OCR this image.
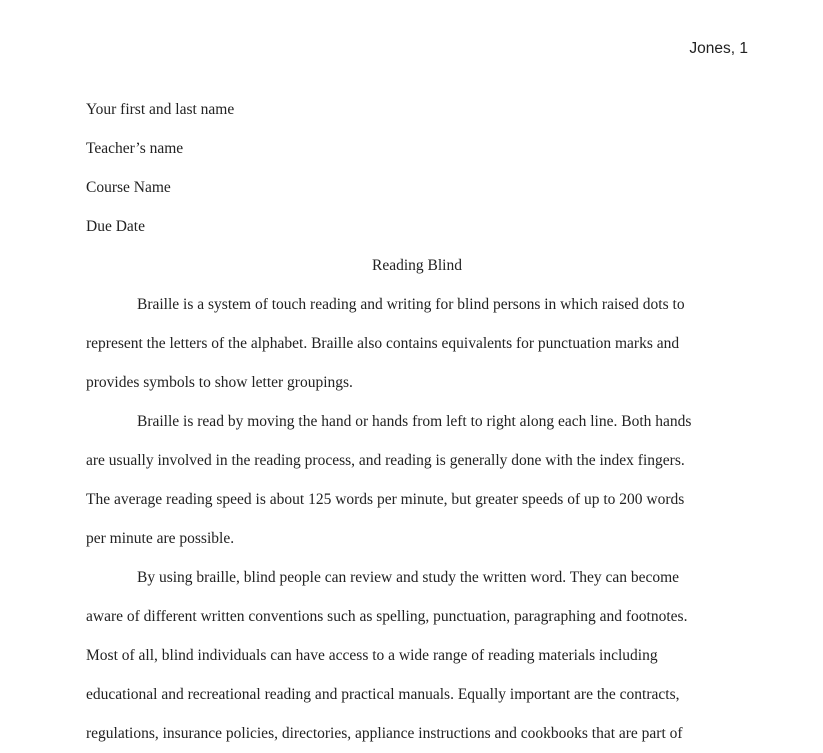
Jones, 1

Your first and last name

Teacher’s name

Course Name

Due Date

Reading Blind

Braille is a system of touch reading and writing for blind persons in which raised dots to
represent the letters of the alphabet. Braille also contains equivalents for punctuation marks and
provides symbols to show letter groupings.
Braille is read by moving the hand or hands from left to right along each line. Both hands
are usually involved in the reading process, and reading is generally done with the index fingers.
The average reading speed is about 125 words per minute, but greater speeds of up to 200 words
per minute are possible.
By using braille, blind people can review and study the written word. They can become
aware of different written conventions such as spelling, punctuation, paragraphing and footnotes.
Most of all, blind individuals can have access to a wide range of reading materials including
educational and recreational reading and practical manuals. Equally important are the contracts,
regulations, insurance policies, directories, appliance instructions and cookbooks that are part of
